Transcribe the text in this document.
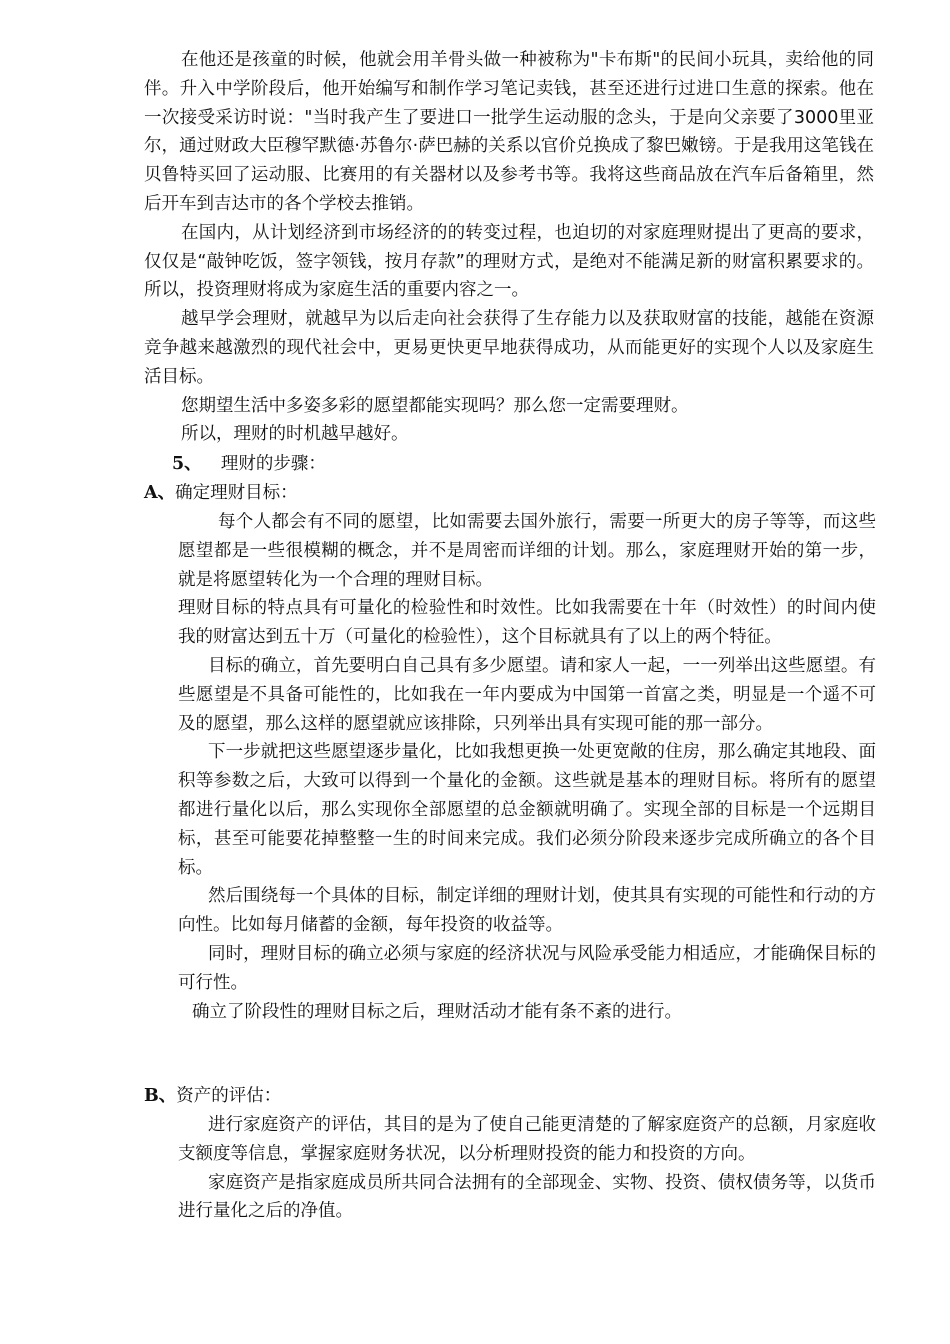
在他还是孩童的时候，他就会用羊骨头做一种被称为"卡布斯"的民间小玩具，卖给他的同伴。升入中学阶段后，他开始编写和制作学习笔记卖钱，甚至还进行过进口生意的探索。他在一次接受采访时说："当时我产生了要进口一批学生运动服的念头，于是向父亲要了3000里亚尔，通过财政大臣穆罕默德·苏鲁尔·萨巴赫的关系以官价兑换成了黎巴嫩镑。于是我用这笔钱在贝鲁特买回了运动服、比赛用的有关器材以及参考书等。我将这些商品放在汽车后备箱里，然后开车到吉达市的各个学校去推销。

在国内，从计划经济到市场经济的的转变过程，也迫切的对家庭理财提出了更高的要求，仅仅是“敲钟吃饭，签字领钱，按月存款”的理财方式，是绝对不能满足新的财富积累要求的。所以，投资理财将成为家庭生活的重要内容之一。

越早学会理财，就越早为以后走向社会获得了生存能力以及获取财富的技能，越能在资源竞争越来越激烈的现代社会中，更易更快更早地获得成功，从而能更好的实现个人以及家庭生活目标。

您期望生活中多姿多彩的愿望都能实现吗？那么您一定需要理财。

所以，理财的时机越早越好。

5、 理财的步骤：

A、确定理财目标：

每个人都会有不同的愿望，比如需要去国外旅行，需要一所更大的房子等等，而这些愿望都是一些很模糊的概念，并不是周密而详细的计划。那么，家庭理财开始的第一步，就是将愿望转化为一个合理的理财目标。

理财目标的特点具有可量化的检验性和时效性。比如我需要在十年（时效性）的时间内使我的财富达到五十万（可量化的检验性），这个目标就具有了以上的两个特征。

目标的确立，首先要明白自己具有多少愿望。请和家人一起，一一列举出这些愿望。有些愿望是不具备可能性的，比如我在一年内要成为中国第一首富之类，明显是一个遥不可及的愿望，那么这样的愿望就应该排除，只列举出具有实现可能的那一部分。

下一步就把这些愿望逐步量化，比如我想更换一处更宽敞的住房，那么确定其地段、面积等参数之后，大致可以得到一个量化的金额。这些就是基本的理财目标。将所有的愿望都进行量化以后，那么实现你全部愿望的总金额就明确了。实现全部的目标是一个远期目标，甚至可能要花掉整整一生的时间来完成。我们必须分阶段来逐步完成所确立的各个目标。

然后围绕每一个具体的目标，制定详细的理财计划，使其具有实现的可能性和行动的方向性。比如每月储蓄的金额，每年投资的收益等。

同时，理财目标的确立必须与家庭的经济状况与风险承受能力相适应，才能确保目标的可行性。

确立了阶段性的理财目标之后，理财活动才能有条不紊的进行。

B、资产的评估：

进行家庭资产的评估，其目的是为了使自己能更清楚的了解家庭资产的总额，月家庭收支额度等信息，掌握家庭财务状况，以分析理财投资的能力和投资的方向。

家庭资产是指家庭成员所共同合法拥有的全部现金、实物、投资、债权债务等，以货币进行量化之后的净值。
